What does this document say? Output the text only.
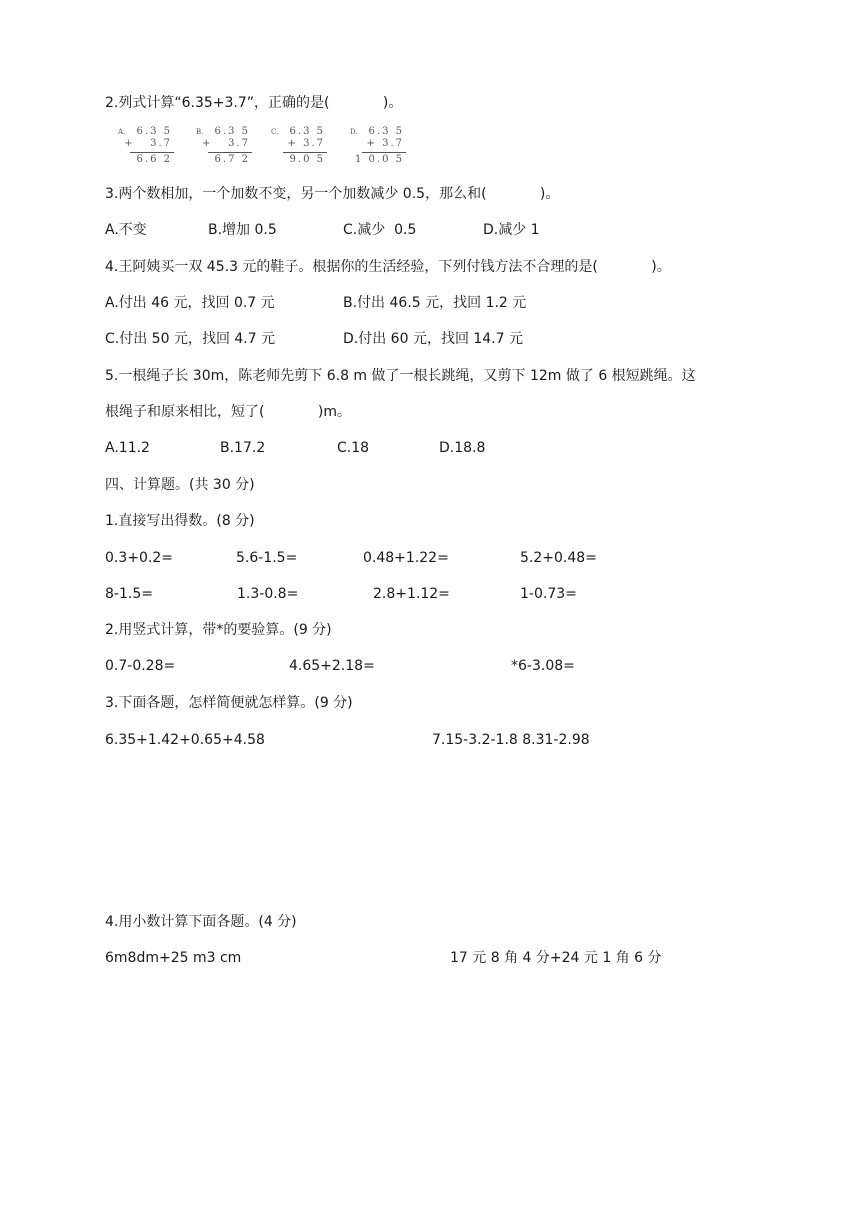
2.列式计算“6.35+3.7”，正确的是(            )。
A. 6.3 5
+   3.7
6.6 2
B. 6.3 5
+   3.7
6.7 2
C. 6.3 5
+ 3.7
9.0 5
D. 6.3 5
+ 3.7
1 0.0 5
3.两个数相加，一个加数不变，另一个加数减少 0.5，那么和(            )。
A.不变	B.增加 0.5	C.减少  0.5	D.减少 1
4.王阿姨买一双 45.3 元的鞋子。根据你的生活经验，下列付钱方法不合理的是(            )。
A.付出 46 元，找回 0.7 元	B.付出 46.5 元，找回 1.2 元
C.付出 50 元，找回 4.7 元	D.付出 60 元，找回 14.7 元
5.一根绳子长 30m，陈老师先剪下 6.8 m 做了一根长跳绳，又剪下 12m 做了 6 根短跳绳。这
根绳子和原来相比，短了(            )m。
A.11.2	B.17.2	C.18	D.18.8
四、计算题。(共 30 分)
1.直接写出得数。(8 分)
0.3+0.2=	5.6-1.5=	0.48+1.22=	5.2+0.48=
8-1.5=	1.3-0.8=	2.8+1.12=	1-0.73=
2.用竖式计算，带*的要验算。(9 分)
0.7-0.28=	4.65+2.18=	*6-3.08=
3.下面各题，怎样简便就怎样算。(9 分)
6.35+1.42+0.65+4.58	7.15-3.2-1.8 8.31-2.98
4.用小数计算下面各题。(4 分)
6m8dm+25 m3 cm	17 元 8 角 4 分+24 元 1 角 6 分
